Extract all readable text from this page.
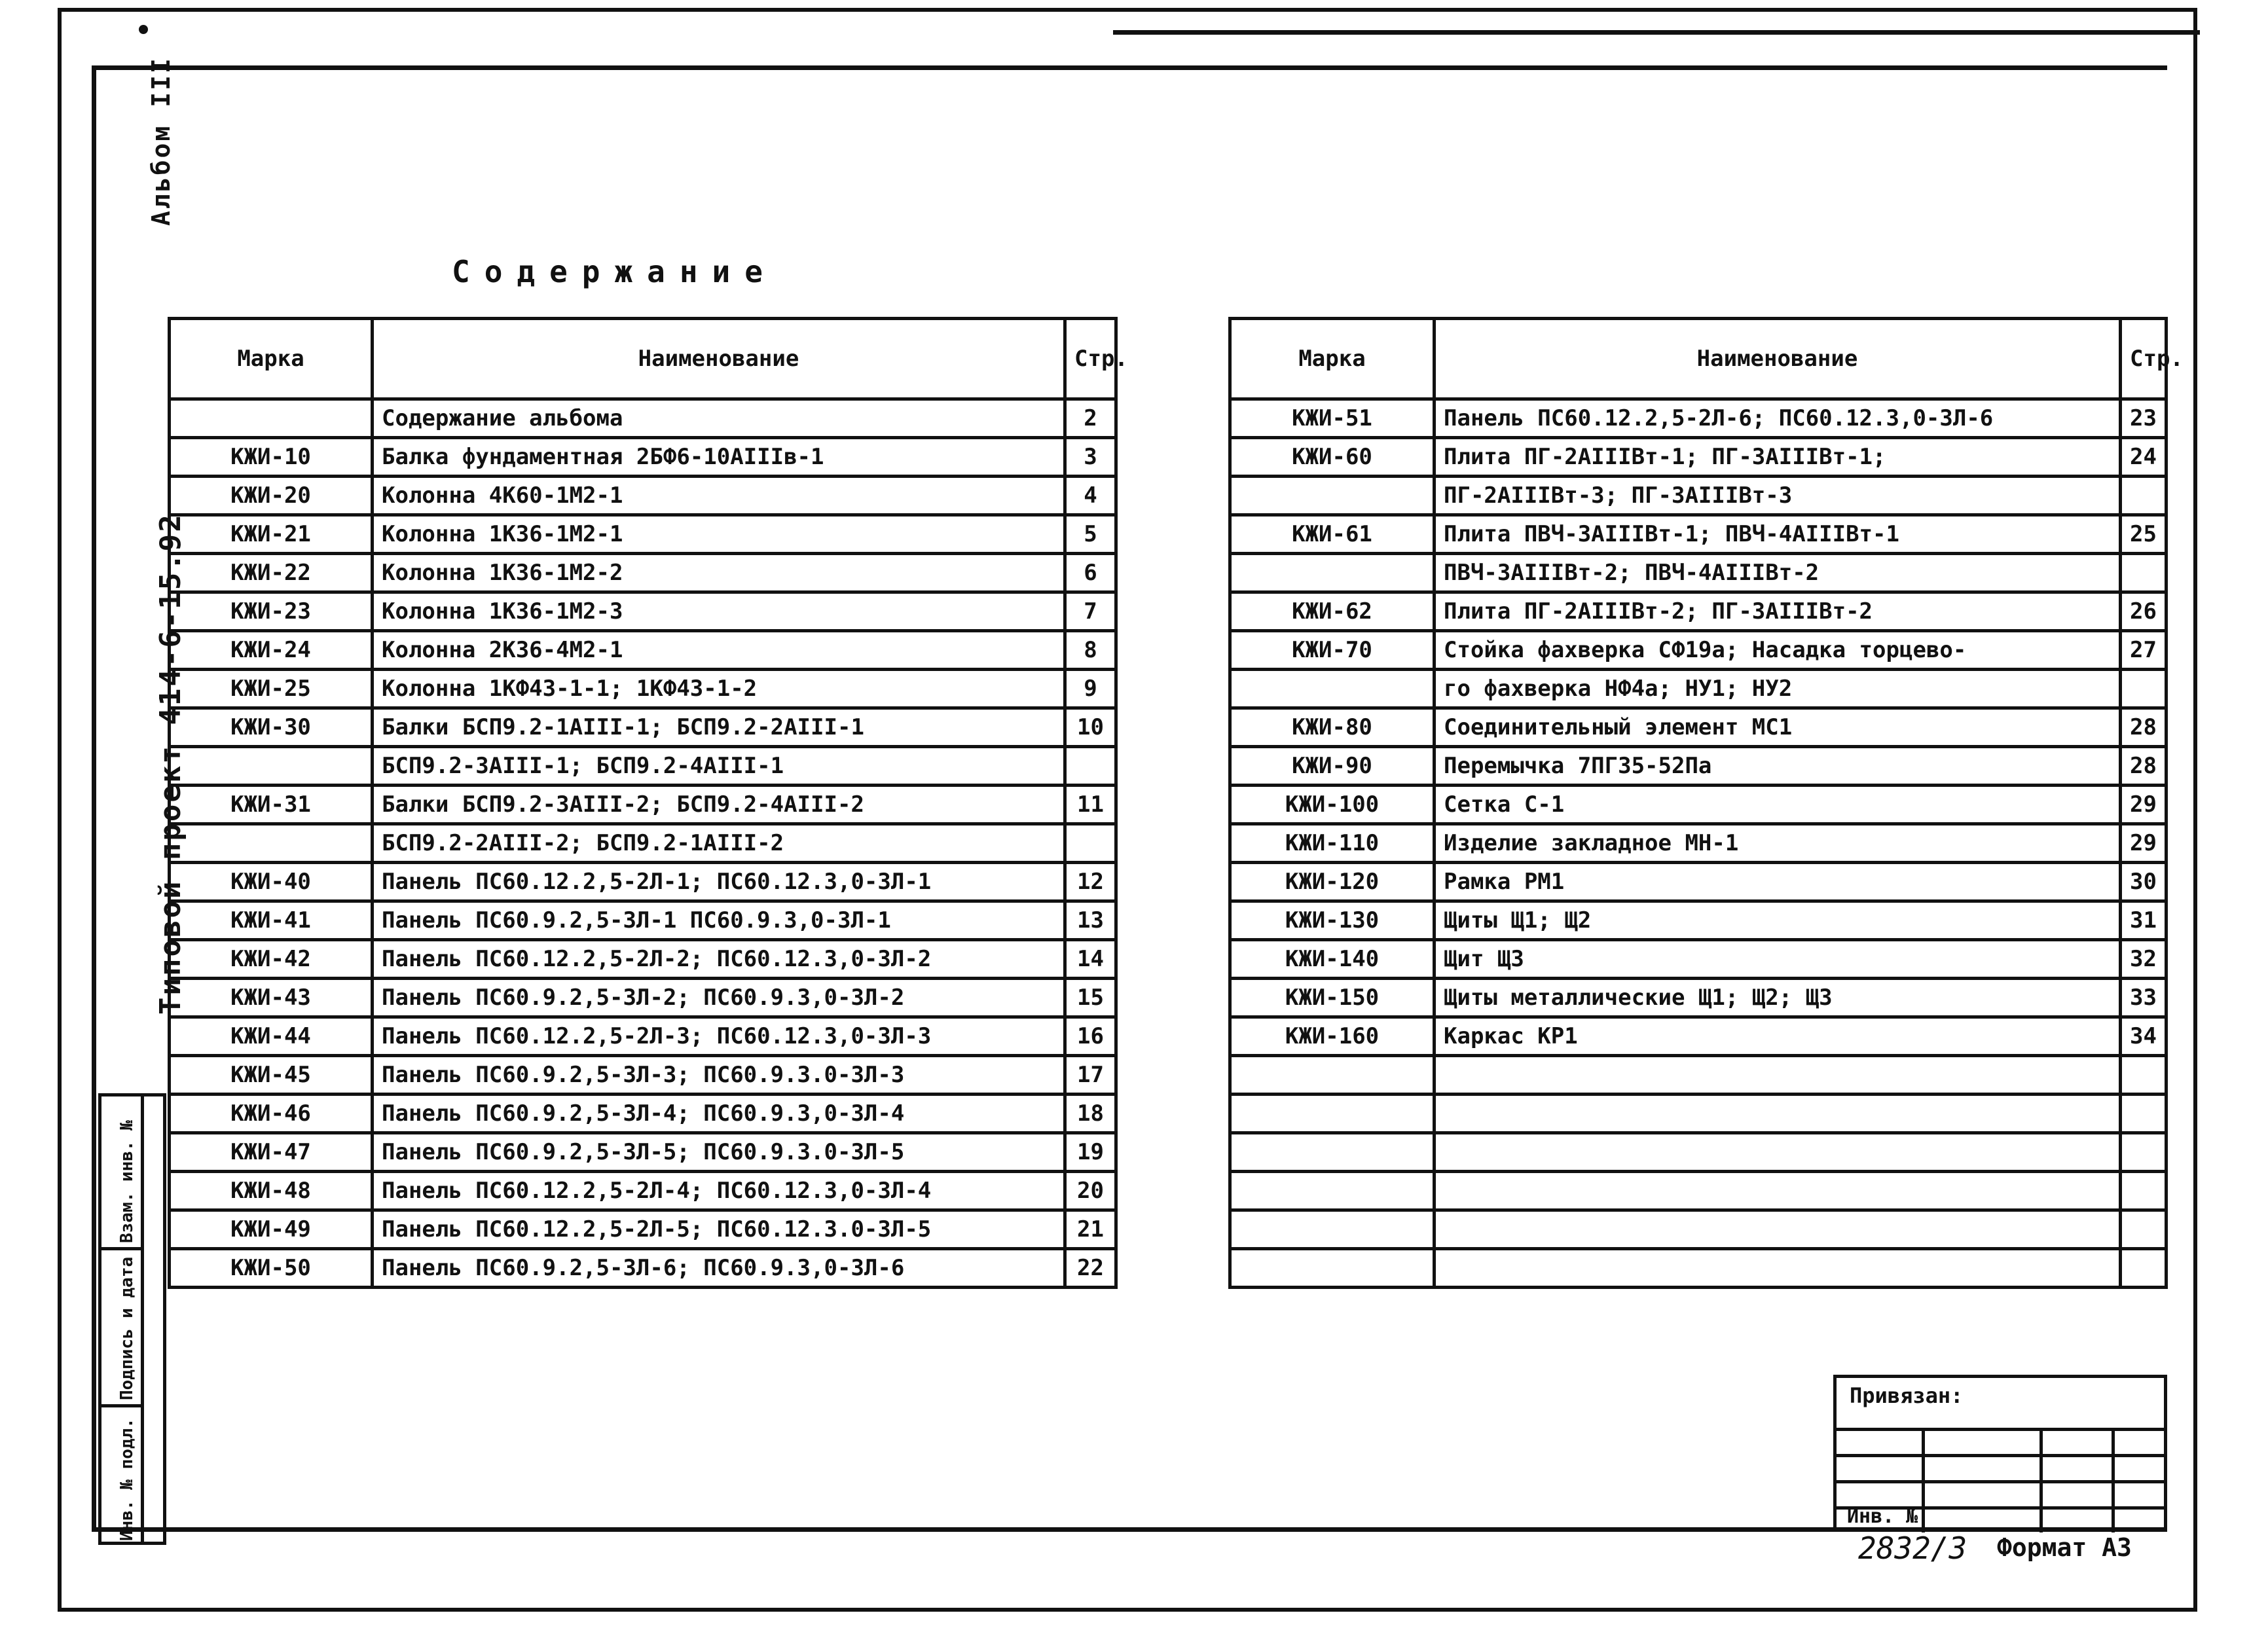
Альбом III
Типовой проект 414-6-15.92
Содержание
Марка	Наименование	Стр.
	Содержание альбома	2
КЖИ-10	Балка фундаментная 2БФ6-10АIIIв-1	3
КЖИ-20	Колонна 4К60-1М2-1	4
КЖИ-21	Колонна 1К36-1М2-1	5
КЖИ-22	Колонна 1К36-1М2-2	6
КЖИ-23	Колонна 1К36-1М2-3	7
КЖИ-24	Колонна 2К36-4М2-1	8
КЖИ-25	Колонна 1КФ43-1-1; 1КФ43-1-2	9
КЖИ-30	Балки БСП9.2-1АIII-1; БСП9.2-2АIII-1	10
	БСП9.2-3АIII-1; БСП9.2-4АIII-1	
КЖИ-31	Балки БСП9.2-3АIII-2; БСП9.2-4АIII-2	11
	БСП9.2-2АIII-2; БСП9.2-1АIII-2	
КЖИ-40	Панель ПС60.12.2,5-2Л-1; ПС60.12.3,0-3Л-1	12
КЖИ-41	Панель ПС60.9.2,5-3Л-1 ПС60.9.3,0-3Л-1	13
КЖИ-42	Панель ПС60.12.2,5-2Л-2; ПС60.12.3,0-3Л-2	14
КЖИ-43	Панель ПС60.9.2,5-3Л-2; ПС60.9.3,0-3Л-2	15
КЖИ-44	Панель ПС60.12.2,5-2Л-3; ПС60.12.3,0-3Л-3	16
КЖИ-45	Панель ПС60.9.2,5-3Л-3; ПС60.9.3.0-3Л-3	17
КЖИ-46	Панель ПС60.9.2,5-3Л-4; ПС60.9.3,0-3Л-4	18
КЖИ-47	Панель ПС60.9.2,5-3Л-5; ПС60.9.3.0-3Л-5	19
КЖИ-48	Панель ПС60.12.2,5-2Л-4; ПС60.12.3,0-3Л-4	20
КЖИ-49	Панель ПС60.12.2,5-2Л-5; ПС60.12.3.0-3Л-5	21
КЖИ-50	Панель ПС60.9.2,5-3Л-6; ПС60.9.3,0-3Л-6	22
Марка	Наименование	Стр.
КЖИ-51	Панель ПС60.12.2,5-2Л-6; ПС60.12.3,0-3Л-6	23
КЖИ-60	Плита ПГ-2АIIIВт-1; ПГ-3АIIIВт-1;	24
	ПГ-2АIIIВт-3; ПГ-3АIIIВт-3	
КЖИ-61	Плита ПВЧ-3АIIIВт-1; ПВЧ-4АIIIВт-1	25
	ПВЧ-3АIIIВт-2; ПВЧ-4АIIIВт-2	
КЖИ-62	Плита ПГ-2АIIIВт-2; ПГ-3АIIIВт-2	26
КЖИ-70	Стойка фахверка СФ19а; Насадка торцево-	27
	го фахверка НФ4а; НУ1; НУ2	
КЖИ-80	Соединительный элемент МС1	28
КЖИ-90	Перемычка 7ПГ35-52Па	28
КЖИ-100	Сетка С-1	29
КЖИ-110	Изделие закладное МН-1	29
КЖИ-120	Рамка РМ1	30
КЖИ-130	Щиты Щ1; Щ2	31
КЖИ-140	Щит Щ3	32
КЖИ-150	Щиты металлические Щ1; Щ2; Щ3	33
КЖИ-160	Каркас КР1	34

Взам. инв. №
Подпись и дата
Инв. № подл.
Привязан:
Инв. №
2832/3 Формат А3
